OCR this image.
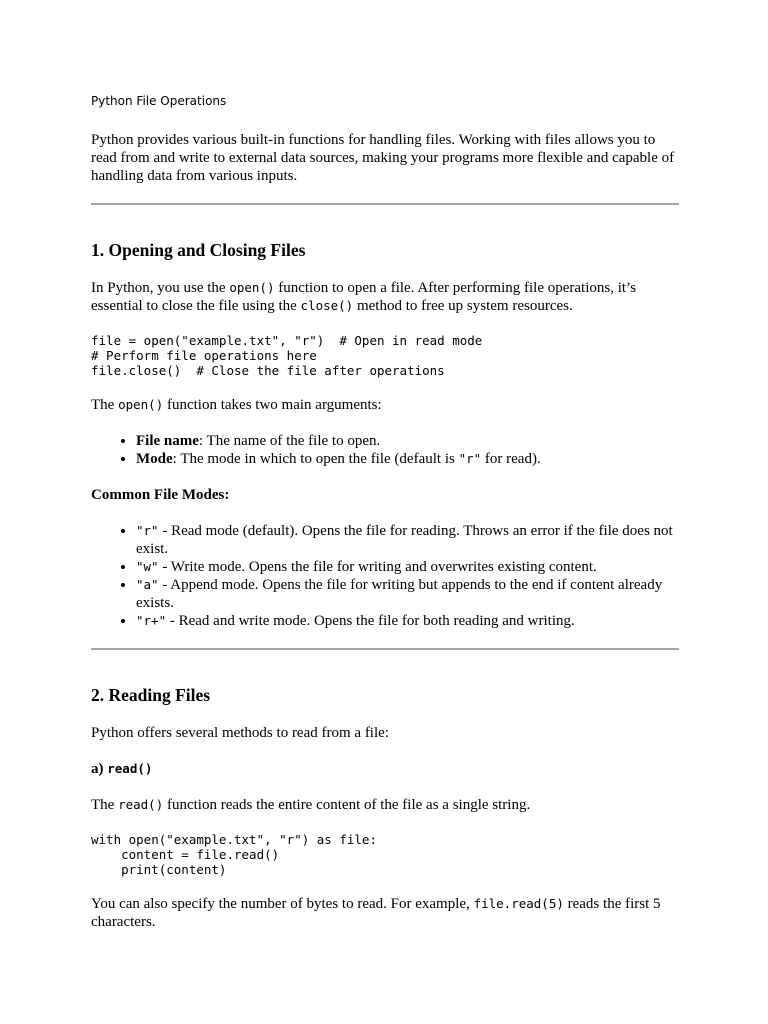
Python File Operations

Python provides various built-in functions for handling files. Working with files allows you to read from and write to external data sources, making your programs more flexible and capable of handling data from various inputs.

1. Opening and Closing Files

In Python, you use the open() function to open a file. After performing file operations, it’s essential to close the file using the close() method to free up system resources.

file = open("example.txt", "r")  # Open in read mode
# Perform file operations here
file.close()  # Close the file after operations

The open() function takes two main arguments:

• File name: The name of the file to open.
• Mode: The mode in which to open the file (default is "r" for read).
Common File Modes:
• "r" - Read mode (default). Opens the file for reading. Throws an error if the file does not exist.
• "w" - Write mode. Opens the file for writing and overwrites existing content.
• "a" - Append mode. Opens the file for writing but appends to the end if content already exists.
• "r+" - Read and write mode. Opens the file for both reading and writing.
2. Reading Files

Python offers several methods to read from a file:

a) read()

The read() function reads the entire content of the file as a single string.

with open("example.txt", "r") as file:
content = file.read()
print(content)

You can also specify the number of bytes to read. For example, file.read(5) reads the first 5 characters.
